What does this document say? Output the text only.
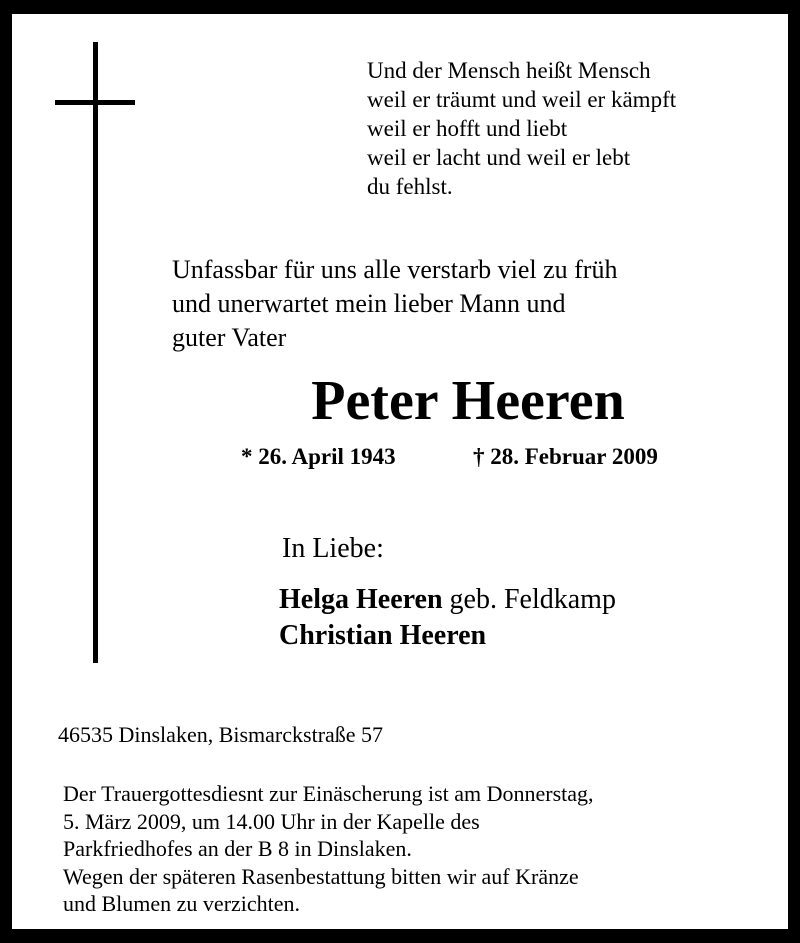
Und der Mensch heißt Mensch
weil er träumt und weil er kämpft
weil er hofft und liebt
weil er lacht und weil er lebt
du fehlst.
Unfassbar für uns alle verstarb viel zu früh
und unerwartet mein lieber Mann und
guter Vater
Peter Heeren
* 26. April 1943	† 28. Februar 2009
In Liebe:
Helga Heeren geb. Feldkamp
Christian Heeren
46535 Dinslaken, Bismarckstraße 57
Der Trauergottesdiesnt zur Einäscherung ist am Donnerstag,
5. März 2009, um 14.00 Uhr in der Kapelle des
Parkfriedhofes an der B 8 in Dinslaken.
Wegen der späteren Rasenbestattung bitten wir auf Kränze
und Blumen zu verzichten.
